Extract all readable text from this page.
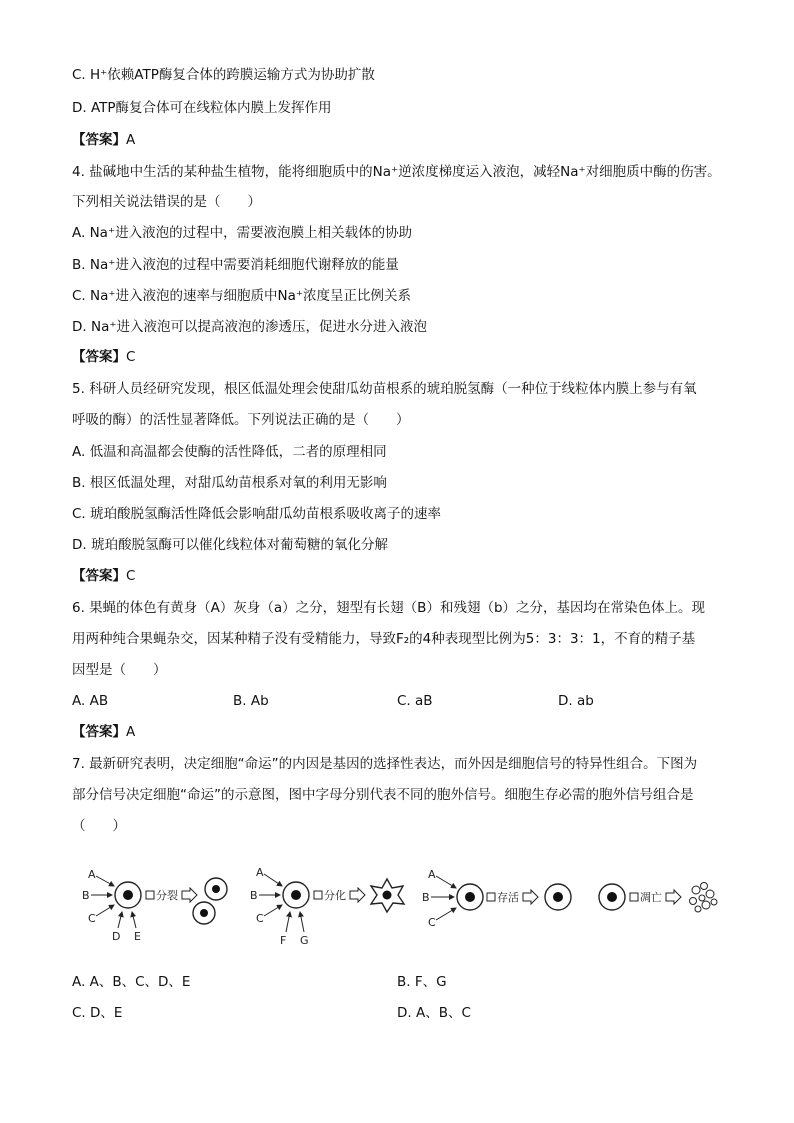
C. H⁺依赖ATP酶复合体的跨膜运输方式为协助扩散
D. ATP酶复合体可在线粒体内膜上发挥作用
【答案】A
4. 盐碱地中生活的某种盐生植物，能将细胞质中的Na⁺逆浓度梯度运入液泡，减轻Na⁺对细胞质中酶的伤害。
下列相关说法错误的是（　　）
A. Na⁺进入液泡的过程中，需要液泡膜上相关载体的协助
B. Na⁺进入液泡的过程中需要消耗细胞代谢释放的能量
C. Na⁺进入液泡的速率与细胞质中Na⁺浓度呈正比例关系
D. Na⁺进入液泡可以提高液泡的渗透压，促进水分进入液泡
【答案】C
5. 科研人员经研究发现，根区低温处理会使甜瓜幼苗根系的琥珀脱氢酶（一种位于线粒体内膜上参与有氧
呼吸的酶）的活性显著降低。下列说法正确的是（　　）
A. 低温和高温都会使酶的活性降低，二者的原理相同
B. 根区低温处理，对甜瓜幼苗根系对氧的利用无影响
C. 琥珀酸脱氢酶活性降低会影响甜瓜幼苗根系吸收离子的速率
D. 琥珀酸脱氢酶可以催化线粒体对葡萄糖的氧化分解
【答案】C
6. 果蝇的体色有黄身（A）灰身（a）之分，翅型有长翅（B）和残翅（b）之分，基因均在常染色体上。现
用两种纯合果蝇杂交，因某种精子没有受精能力，导致F₂的4种表现型比例为5：3：3：1，不育的精子基
因型是（　　）
A. AB	B. Ab	C. aB	D. ab
【答案】A
7. 最新研究表明，决定细胞“命运”的内因是基因的选择性表达，而外因是细胞信号的特异性组合。下图为
部分信号决定细胞“命运”的示意图，图中字母分别代表不同的胞外信号。细胞生存必需的胞外信号组合是
（　　）
A
B
C
D E
分裂
A
B
C
F G
分化
A
B
C
存活	凋亡
A. A、B、C、D、E	B. F、G
C. D、E	D. A、B、C
